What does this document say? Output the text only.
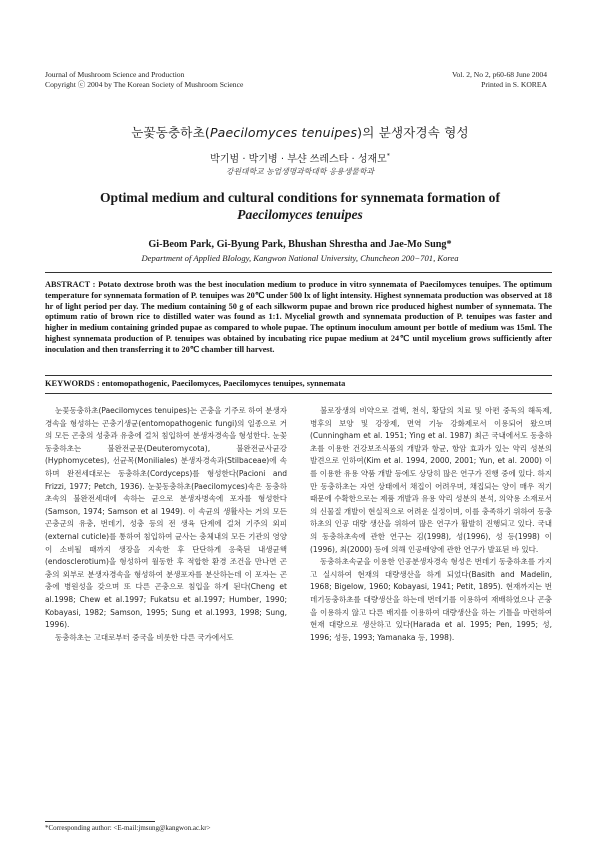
Journal of Mushroom Science and Production
Copyright ⓒ 2004 by The Korean Society of Mushroom Science
Vol. 2, No 2, p60-68 June 2004
Printed in S. KOREA
눈꽃동충하초(Paecilomyces tenuipes)의 분생자경속 형성
박기범 · 박기병 · 부샨 쓰레스타 · 성재모*
강원대학교 농업생명과학대학 응용생물학과
Optimal medium and cultural conditions for synnemata formation of
Paecilomyces tenuipes
Gi-Beom Park, Gi-Byung Park, Bhushan Shrestha and Jae-Mo Sung*
Department of Applied BIology, Kangwon National University, Chuncheon 200−701, Korea
ABSTRACT : Potato dextrose broth was the best inoculation medium to produce in vitro synnemata of Paecilomyces tenuipes. The optimum temperature for synnemata formation of P. tenuipes was 20℃ under 500 lx of light intensity. Highest synnemata production was observed at 18 hr of light period per day. The medium containing 50 g of each silkworm pupae and brown rice produced highest number of synnemata. The optimum ratio of brown rice to distilled water was found as 1:1. Mycelial growth and synnemata production of P. tenuipes was faster and higher in medium containing grinded pupae as compared to whole pupae. The optinum inoculum amount per bottle of medium was 15ml. The highest synnemata production of P. tenuipes was obtained by incubating rice pupae medium at 24℃ until mycelium grows sufficiently after inoculation and then transferring it to 20℃ chamber till harvest.
KEYWORDS : entomopathogenic, Paecilomyces, Paecilomyces tenuipes, synnemata

눈꽃동충하초(Paecilomyces tenuipes)는 곤충을 기주로 하여 분생자경속을 형성하는 곤충기생균(entomopathogenic fungi)의 일종으로 거의 모든 곤충의 성충과 유충에 걸처 침입하여 분생자경속을 형성한다. 눈꽃동충하초는 불완전균문(Deuteromycota), 불완전균사균강(Hyphomycetes), 선균목(Moniliales) 분생자경속과(Stilbaceae)에 속하며 완전세대로는 동충하초(Cordyceps)를 형성한다(Pacioni and Frizzi, 1977; Petch, 1936). 눈꽃동충하초(Paecilomyces)속은 동충하초속의 불완전세대에 속하는 균으로 분생자병속에 포자를 형성한다(Samson, 1974; Samson et al 1949). 이 속균의 생활사는 거의 모든 곤충군의 유충, 번데기, 성충 등의 전 생육 단계에 걸쳐 기주의 외피(external cuticle)를 통하여 침입하여 균사는 충체내의 모든 기관의 영양이 소비될 때까지 생장을 지속한 후 단단하게 응축된 내생균핵(endosclerotium)을 형성하여 월동한 후 적합한 환경 조건을 만나면 곤충의 외부로 분생자경속을 형성하여 분생포자를 분산하는데 이 포자는 곤충에 병원성을 갖으며 또 다른 곤충으로 침입을 하게 된다(Cheng et al.1998; Chew et al.1997; Fukatsu et al.1997; Humber, 1990; Kobayasi, 1982; Samson, 1995; Sung et al.1993, 1998; Sung, 1996).

동충하초는 고대로부터 중국을 비롯한 다른 국가에서도

불로장생의 비약으로 결핵, 천식, 황달의 치료 및 아편 중독의 해독제, 병후의 보양 및 강장제, 면역 기능 강화제로서 이용되어 왔으며(Cunningham et al. 1951; Ying et al. 1987) 최근 국내에서도 동충하초를 이용한 건강보조식품의 개발과 항균, 항암 효과가 있는 약리 성분의 발견으로 인하여(Kim et al. 1994, 2000, 2001; Yun, et al. 2000) 이를 이용한 유용 약품 개발 등에도 상당히 많은 연구가 진행 중에 있다. 하지만 동충하초는 자연 상태에서 채집이 어려우며, 채집되는 양이 매우 적기 때문에 수확한으로는 제품 개발과 유용 약리 성분의 분석, 의약용 소재로서의 신물질 개발이 현실적으로 어려운 실정이며, 이를 충족하기 위하여 동충하초의 인공 대량 생산을 위하여 많은 연구가 활발히 진행되고 있다. 국내의 동충하초속에 관한 연구는 김(1998), 성(1996), 성 등(1998) 이(1996), 최(2000) 등에 의해 인공배양에 관한 연구가 발표된 바 있다.

동충하초속균을 이용한 인공분생자경속 형성은 번데기 동충하초를 가지고 실시하여 현재의 대량생산을 하게 되었다(Basith and Madelin, 1968; Bigelow, 1960; Kobayasi, 1941; Petit, 1895). 현재까지는 번데기동충하초를 대량생산을 하는데 번데기를 이용하여 재배하였으나 곤충을 이용하지 않고 다른 배지를 이용하여 대량생산을 하는 기틀을 마련하여 현재 대량으로 생산하고 있다(Harada et al. 1995; Pen, 1995; 성, 1996; 성등, 1993; Yamanaka 등, 1998).

*Corresponding author: <E-mail:jmsung@kangwon.ac.kr>
